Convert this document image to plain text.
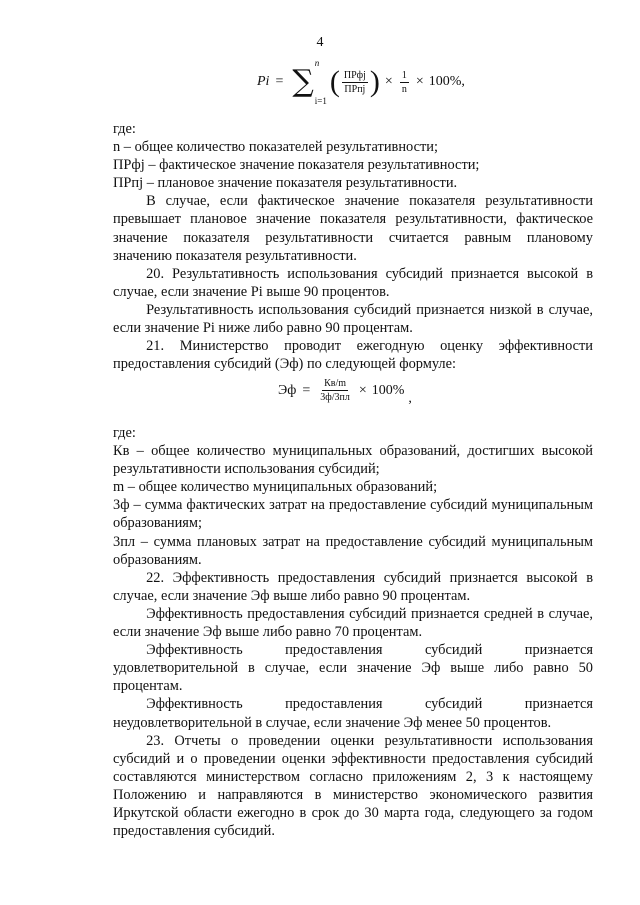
4
Pi = ∑
n
i=1
( $\frac{\text{ПРфj}}{\text{ПРпj}}$ ) × $\frac{1}{n} \times 100\%$,

где:

n – общее количество показателей результативности;

ПРфj – фактическое значение показателя результативности;

ПРпj – плановое значение показателя результативности.

В случае, если фактическое значение показателя результативности превышает плановое значение показателя результативности, фактическое значение показателя результативности считается равным плановому значению показателя результативности.

20. Результативность использования субсидий признается высокой в случае, если значение Pi выше 90 процентов.

Результативность использования субсидий признается низкой в случае, если значение Pi ниже либо равно 90 процентам.

21. Министерство проводит ежегодную оценку эффективности предоставления субсидий (Эф) по следующей формуле:

Эф = $\frac{Кв/m}{3ф/3пл} \times 100\%$
,

где:

Кв – общее количество муниципальных образований, достигших высокой результативности использования субсидий;

m – общее количество муниципальных образований;

3ф – сумма фактических затрат на предоставление субсидий муниципальным образованиям;

3пл – сумма плановых затрат на предоставление субсидий муниципальным образованиям.

22. Эффективность предоставления субсидий признается высокой в случае, если значение Эф выше либо равно 90 процентам.

Эффективность предоставления субсидий признается средней в случае, если значение Эф выше либо равно 70 процентам.

Эффективность предоставления субсидий признается удовлетворительной в случае, если значение Эф выше либо равно 50 процентам.

Эффективность предоставления субсидий признается неудовлетворительной в случае, если значение Эф менее 50 процентов.

23. Отчеты о проведении оценки результативности использования субсидий и о проведении оценки эффективности предоставления субсидий составляются министерством согласно приложениям 2, 3 к настоящему Положению и направляются в министерство экономического развития Иркутской области ежегодно в срок до 30 марта года, следующего за годом предоставления субсидий.
